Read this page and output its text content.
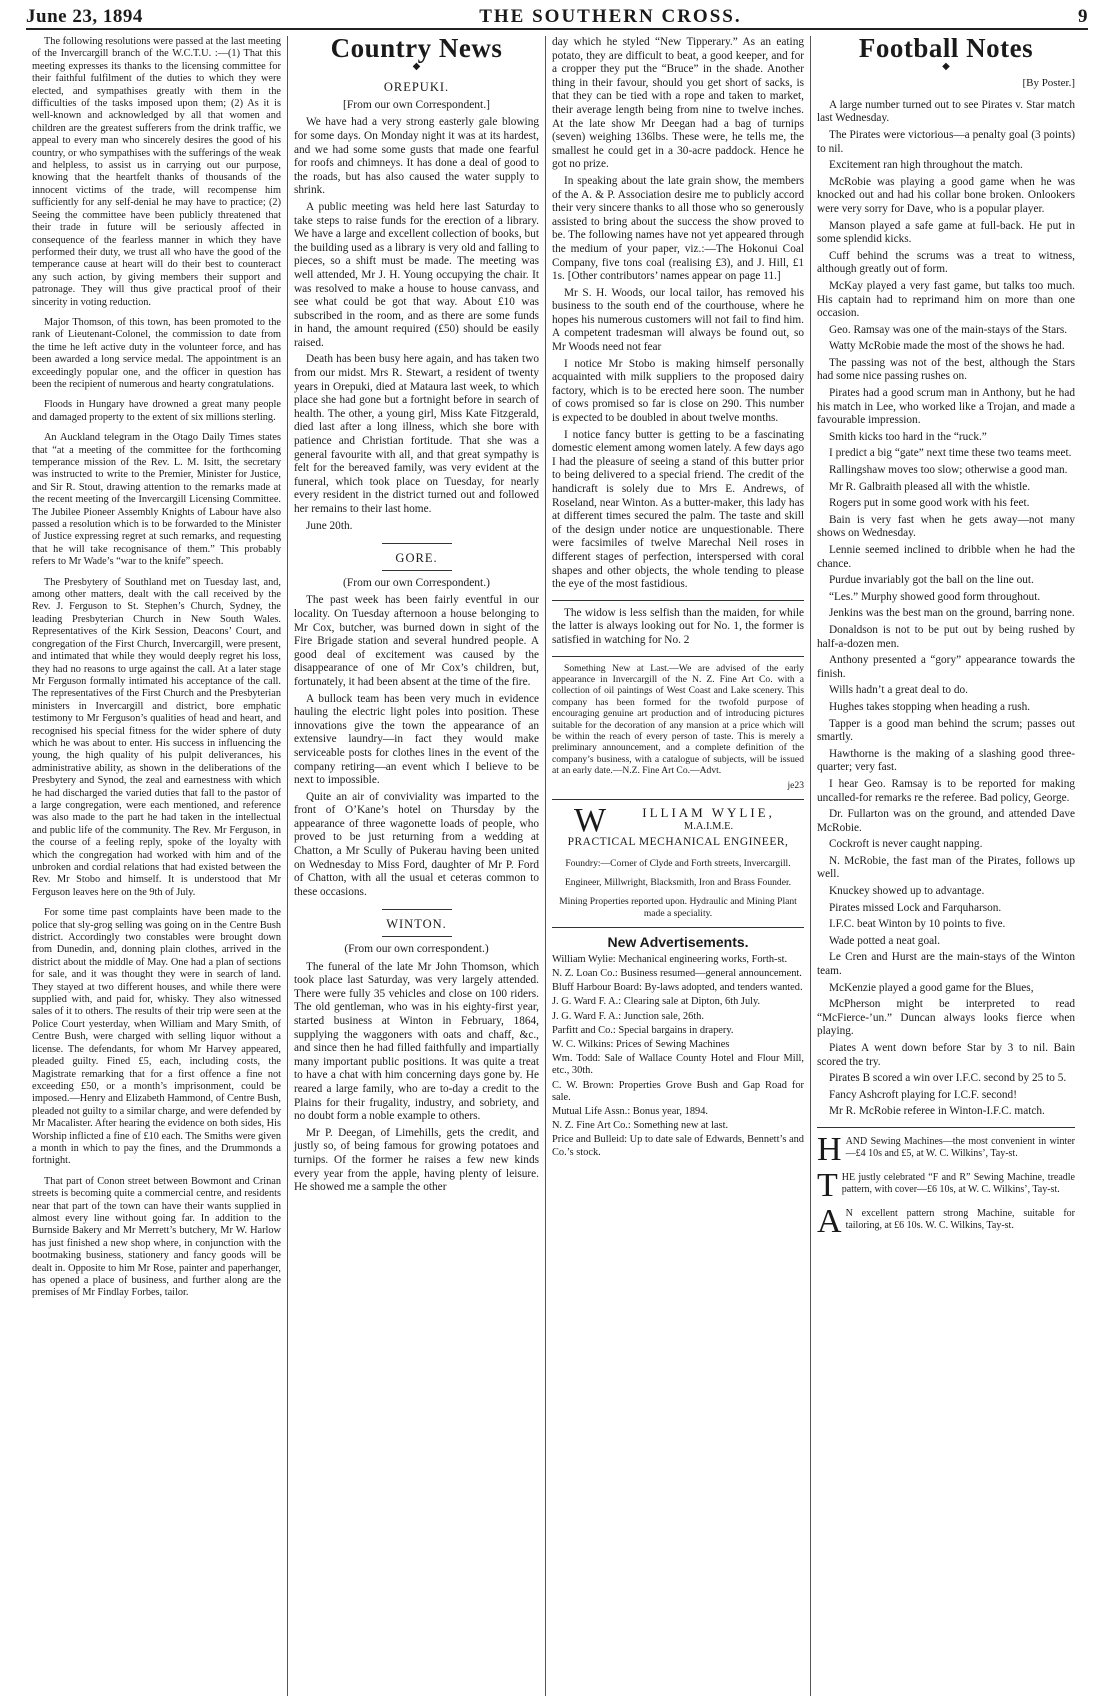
June 23, 1894	THE SOUTHERN CROSS.	9

The following resolutions were passed at the last meeting of the Invercargill branch of the W.C.T.U. :—(1) That this meeting expresses its thanks to the licensing committee for their faithful fulfilment of the duties to which they were elected, and sympathises greatly with them in the difficulties of the tasks imposed upon them; (2) As it is well-known and acknowledged by all that women and children are the greatest sufferers from the drink traffic, we appeal to every man who sincerely desires the good of his country, or who sympathises with the sufferings of the weak and helpless, to assist us in carrying out our purpose, knowing that the heartfelt thanks of thousands of the innocent victims of the trade, will recompense him sufficiently for any self-denial he may have to practice; (2) Seeing the committee have been publicly threatened that their trade in future will be seriously affected in consequence of the fearless manner in which they have performed their duty, we trust all who have the good of the temperance cause at heart will do their best to counteract any such action, by giving members their support and patronage. They will thus give practical proof of their sincerity in voting reduction.

Major Thomson, of this town, has been promoted to the rank of Lieutenant-Colonel, the commission to date from the time he left active duty in the volunteer force, and has been awarded a long service medal. The appointment is an exceedingly popular one, and the officer in question has been the recipient of numerous and hearty congratulations.

Floods in Hungary have drowned a great many people and damaged property to the extent of six millions sterling.

An Auckland telegram in the Otago Daily Times states that “at a meeting of the committee for the forthcoming temperance mission of the Rev. L. M. Isitt, the secretary was instructed to write to the Premier, Minister for Justice, and Sir R. Stout, drawing attention to the remarks made at the recent meeting of the Invercargill Licensing Committee. The Jubilee Pioneer Assembly Knights of Labour have also passed a resolution which is to be forwarded to the Minister of Justice expressing regret at such remarks, and requesting that he will take recognisance of them.” This probably refers to Mr Wade’s “war to the knife” speech.

The Presbytery of Southland met on Tuesday last, and, among other matters, dealt with the call received by the Rev. J. Ferguson to St. Stephen’s Church, Sydney, the leading Presbyterian Church in New South Wales. Representatives of the Kirk Session, Deacons’ Court, and congregation of the First Church, Invercargill, were present, and intimated that while they would deeply regret his loss, they had no reasons to urge against the call. At a later stage Mr Ferguson formally intimated his acceptance of the call. The representatives of the First Church and the Presbyterian ministers in Invercargill and district, bore emphatic testimony to Mr Ferguson’s qualities of head and heart, and recognised his special fitness for the wider sphere of duty which he was about to enter. His success in influencing the young, the high quality of his pulpit deliverances, his administrative ability, as shown in the deliberations of the Presbytery and Synod, the zeal and earnestness with which he had discharged the varied duties that fall to the pastor of a large congregation, were each mentioned, and reference was also made to the part he had taken in the intellectual and public life of the community. The Rev. Mr Ferguson, in the course of a feeling reply, spoke of the loyalty with which the congregation had worked with him and of the unbroken and cordial relations that had existed between the Rev. Mr Stobo and himself. It is understood that Mr Ferguson leaves here on the 9th of July.

For some time past complaints have been made to the police that sly-grog selling was going on in the Centre Bush district. Accordingly two constables were brought down from Dunedin, and, donning plain clothes, arrived in the district about the middle of May. One had a plan of sections for sale, and it was thought they were in search of land. They stayed at two different houses, and while there were supplied with, and paid for, whisky. They also witnessed sales of it to others. The results of their trip were seen at the Police Court yesterday, when William and Mary Smith, of Centre Bush, were charged with selling liquor without a license. The defendants, for whom Mr Harvey appeared, pleaded guilty. Fined £5, each, including costs, the Magistrate remarking that for a first offence a fine not exceeding £50, or a month’s imprisonment, could be imposed.—Henry and Elizabeth Hammond, of Centre Bush, pleaded not guilty to a similar charge, and were defended by Mr Macalister. After hearing the evidence on both sides, His Worship inflicted a fine of £10 each. The Smiths were given a month in which to pay the fines, and the Drummonds a fortnight.

That part of Conon street between Bowmont and Crinan streets is becoming quite a commercial centre, and residents near that part of the town can have their wants supplied in almost every line without going far. In addition to the Burnside Bakery and Mr Merrett’s butchery, Mr W. Harlow has just finished a new shop where, in conjunction with the bootmaking business, stationery and fancy goods will be dealt in. Opposite to him Mr Rose, painter and paperhanger, has opened a place of business, and further along are the premises of Mr Findlay Forbes, tailor.

Country News
◆
OREPUKI.
[From our own Correspondent.]

We have had a very strong easterly gale blowing for some days. On Monday night it was at its hardest, and we had some some gusts that made one fearful for roofs and chimneys. It has done a deal of good to the roads, but has also caused the water supply to shrink.

A public meeting was held here last Saturday to take steps to raise funds for the erection of a library. We have a large and excellent collection of books, but the building used as a library is very old and falling to pieces, so a shift must be made. The meeting was well attended, Mr J. H. Young occupying the chair. It was resolved to make a house to house canvass, and see what could be got that way. About £10 was subscribed in the room, and as there are some funds in hand, the amount required (£50) should be easily raised.

Death has been busy here again, and has taken two from our midst. Mrs R. Stewart, a resident of twenty years in Orepuki, died at Mataura last week, to which place she had gone but a fortnight before in search of health. The other, a young girl, Miss Kate Fitzgerald, died last after a long illness, which she bore with patience and Christian fortitude. That she was a general favourite with all, and that great sympathy is felt for the bereaved family, was very evident at the funeral, which took place on Tuesday, for nearly every resident in the district turned out and followed her remains to their last home.

June 20th.

GORE.
(From our own Correspondent.)

The past week has been fairly eventful in our locality. On Tuesday afternoon a house belonging to Mr Cox, butcher, was burned down in sight of the Fire Brigade station and several hundred people. A good deal of excitement was caused by the disappearance of one of Mr Cox’s children, but, fortunately, it had been absent at the time of the fire.

A bullock team has been very much in evidence hauling the electric light poles into position. These innovations give the town the appearance of an extensive laundry—in fact they would make serviceable posts for clothes lines in the event of the company retiring—an event which I believe to be next to impossible.

Quite an air of conviviality was imparted to the front of O’Kane’s hotel on Thursday by the appearance of three wagonette loads of people, who proved to be just returning from a wedding at Chatton, a Mr Scully of Pukerau having been united on Wednesday to Miss Ford, daughter of Mr P. Ford of Chatton, with all the usual et ceteras common to these occasions.

WINTON.
(From our own correspondent.)

The funeral of the late Mr John Thomson, which took place last Saturday, was very largely attended. There were fully 35 vehicles and close on 100 riders. The old gentleman, who was in his eighty-first year, started business at Winton in February, 1864, supplying the waggoners with oats and chaff, &c., and since then he had filled faithfully and impartially many important public positions. It was quite a treat to have a chat with him concerning days gone by. He reared a large family, who are to-day a credit to the Plains for their frugality, industry, and sobriety, and no doubt form a noble example to others.

Mr P. Deegan, of Limehills, gets the credit, and justly so, of being famous for growing potatoes and turnips. Of the former he raises a few new kinds every year from the apple, having plenty of leisure. He showed me a sample the other

day which he styled “New Tipperary.” As an eating potato, they are difficult to beat, a good keeper, and for a cropper they put the “Bruce” in the shade. Another thing in their favour, should you get short of sacks, is that they can be tied with a rope and taken to market, their average length being from nine to twelve inches. At the late show Mr Deegan had a bag of turnips (seven) weighing 136lbs. These were, he tells me, the smallest he could get in a 30-acre paddock. Hence he got no prize.

In speaking about the late grain show, the members of the A. & P. Association desire me to publicly accord their very sincere thanks to all those who so generously assisted to bring about the success the show proved to be. The following names have not yet appeared through the medium of your paper, viz.:—The Hokonui Coal Company, five tons coal (realising £3), and J. Hill, £1 1s. [Other contributors’ names appear on page 11.]

Mr S. H. Woods, our local tailor, has removed his business to the south end of the courthouse, where he hopes his numerous customers will not fail to find him. A competent tradesman will always be found out, so Mr Woods need not fear

I notice Mr Stobo is making himself personally acquainted with milk suppliers to the proposed dairy factory, which is to be erected here soon. The number of cows promised so far is close on 290. This number is expected to be doubled in about twelve months.

I notice fancy butter is getting to be a fascinating domestic element among women lately. A few days ago I had the pleasure of seeing a stand of this butter prior to being delivered to a special friend. The credit of the handicraft is solely due to Mrs E. Andrews, of Roseland, near Winton. As a butter-maker, this lady has at different times secured the palm. The taste and skill of the design under notice are unquestionable. There were facsimiles of twelve Marechal Neil roses in different stages of perfection, interspersed with coral shapes and other objects, the whole tending to please the eye of the most fastidious.

The widow is less selfish than the maiden, for while the latter is always looking out for No. 1, the former is satisfied in watching for No. 2

Something New at Last.—We are advised of the early appearance in Invercargill of the N. Z. Fine Art Co. with a collection of oil paintings of West Coast and Lake scenery. This company has been formed for the twofold purpose of encouraging genuine art production and of introducing pictures suitable for the decoration of any mansion at a price which will be within the reach of every person of taste. This is merely a preliminary announcement, and a complete definition of the company’s business, with a catalogue of subjects, will be issued at an early date.—N.Z. Fine Art Co.—Advt.

je23
W	ILLIAM WYLIE,
M.A.I.M.E.
PRACTICAL MECHANICAL ENGINEER,

Foundry:—Corner of Clyde and Forth streets, Invercargill.

Engineer, Millwright, Blacksmith, Iron and Brass Founder.

Mining Properties reported upon. Hydraulic and Mining Plant made a speciality.

New Advertisements.

William Wylie: Mechanical engineering works, Forth-st.

N. Z. Loan Co.: Business resumed—general announcement.

Bluff Harbour Board: By-laws adopted, and tenders wanted.

J. G. Ward F. A.: Clearing sale at Dipton, 6th July.

J. G. Ward F. A.: Junction sale, 26th.

Parfitt and Co.: Special bargains in drapery.

W. C. Wilkins: Prices of Sewing Machines

Wm. Todd: Sale of Wallace County Hotel and Flour Mill, etc., 30th.

C. W. Brown: Properties Grove Bush and Gap Road for sale.

Mutual Life Assn.: Bonus year, 1894.

N. Z. Fine Art Co.: Something new at last.

Price and Bulleid: Up to date sale of Edwards, Bennett’s and Co.’s stock.

Football Notes
◆
[By Poster.]

A large number turned out to see Pirates v. Star match last Wednesday.

The Pirates were victorious—a penalty goal (3 points) to nil.

Excitement ran high throughout the match.

McRobie was playing a good game when he was knocked out and had his collar bone broken. Onlookers were very sorry for Dave, who is a popular player.

Manson played a safe game at full-back. He put in some splendid kicks.

Cuff behind the scrums was a treat to witness, although greatly out of form.

McKay played a very fast game, but talks too much. His captain had to reprimand him on more than one occasion.

Geo. Ramsay was one of the main-stays of the Stars.

Watty McRobie made the most of the shows he had.

The passing was not of the best, although the Stars had some nice passing rushes on.

Pirates had a good scrum man in Anthony, but he had his match in Lee, who worked like a Trojan, and made a favourable impression.

Smith kicks too hard in the “ruck.”

I predict a big “gate” next time these two teams meet.

Rallingshaw moves too slow; otherwise a good man.

Mr R. Galbraith pleased all with the whistle.

Rogers put in some good work with his feet.

Bain is very fast when he gets away—not many shows on Wednesday.

Lennie seemed inclined to dribble when he had the chance.

Purdue invariably got the ball on the line out.

“Les.” Murphy showed good form throughout.

Jenkins was the best man on the ground, barring none.

Donaldson is not to be put out by being rushed by half-a-dozen men.

Anthony presented a “gory” appearance towards the finish.

Wills hadn’t a great deal to do.

Hughes takes stopping when heading a rush.

Tapper is a good man behind the scrum; passes out smartly.

Hawthorne is the making of a slashing good three-quarter; very fast.

I hear Geo. Ramsay is to be reported for making uncalled-for remarks re the referee. Bad policy, George.

Dr. Fullarton was on the ground, and attended Dave McRobie.

Cockroft is never caught napping.

N. McRobie, the fast man of the Pirates, follows up well.

Knuckey showed up to advantage.

Pirates missed Lock and Farquharson.

I.F.C. beat Winton by 10 points to five.

Wade potted a neat goal.

Le Cren and Hurst are the main-stays of the Winton team.

McKenzie played a good game for the Blues,

McPherson might be interpreted to read “McFierce-’un.” Duncan always looks fierce when playing.

Piates A went down before Star by 3 to nil. Bain scored the try.

Pirates B scored a win over I.F.C. second by 25 to 5.

Fancy Ashcroft playing for I.C.F. second!

Mr R. McRobie referee in Winton-I.F.C. match.

H AND Sewing Machines—the most convenient in winter—£4 10s and £5, at W. C. Wilkins’, Tay-st.
T HE justly celebrated “F and R” Sewing Machine, treadle pattern, with cover—£6 10s, at W. C. Wilkins’, Tay-st.
A N excellent pattern strong Machine, suitable for tailoring, at £6 10s. W. C. Wilkins, Tay-st.
